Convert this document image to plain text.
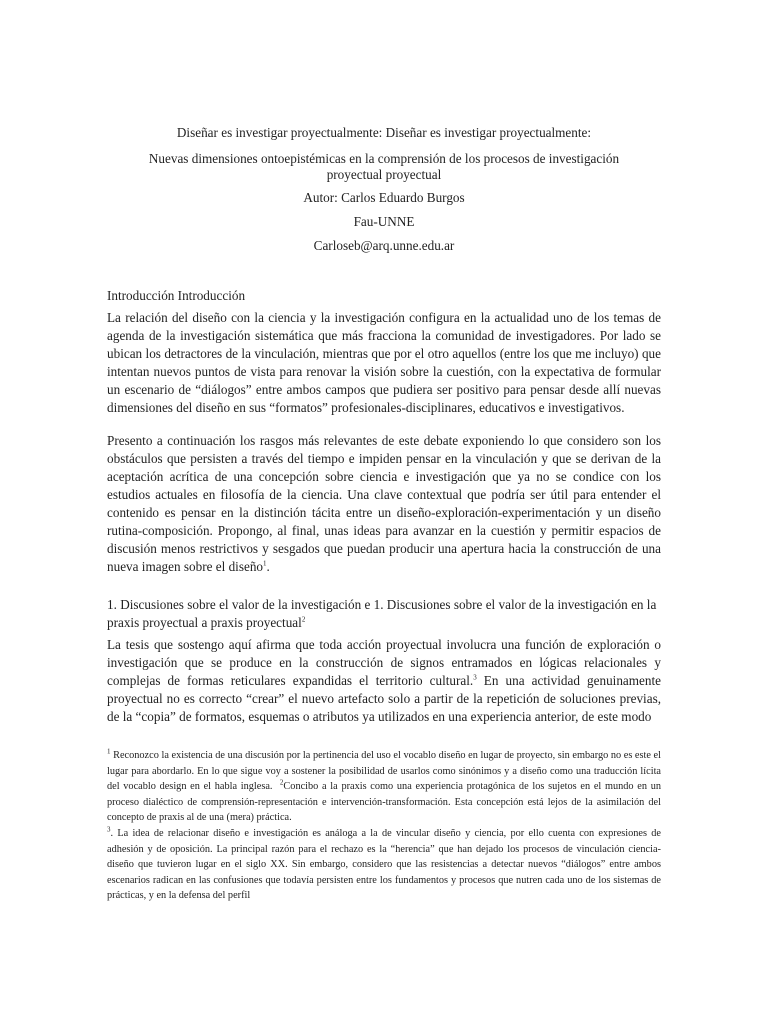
Diseñar es investigar proyectualmente: Diseñar es investigar proyectualmente:

Nuevas dimensiones ontoepistémicas en la comprensión de los procesos de investigación

proyectual proyectual

Autor: Carlos Eduardo Burgos

Fau-UNNE

Carloseb@arq.unne.edu.ar

Introducción Introducción

La relación del diseño con la ciencia y la investigación configura en la actualidad uno de los temas de agenda de la investigación sistemática que más fracciona la comunidad de investigadores. Por lado se ubican los detractores de la vinculación, mientras que por el otro aquellos (entre los que me incluyo) que intentan nuevos puntos de vista para renovar la visión sobre la cuestión, con la expectativa de formular un escenario de “diálogos” entre ambos campos que pudiera ser positivo para pensar desde allí nuevas dimensiones del diseño en sus “formatos” profesionales-disciplinares, educativos e investigativos.

Presento a continuación los rasgos más relevantes de este debate exponiendo lo que considero son los obstáculos que persisten a través del tiempo e impiden pensar en la vinculación y que se derivan de la aceptación acrítica de una concepción sobre ciencia e investigación que ya no se condice con los estudios actuales en filosofía de la ciencia. Una clave contextual que podría ser útil para entender el contenido es pensar en la distinción tácita entre un diseño-exploración-experimentación y un diseño rutina-composición. Propongo, al final, unas ideas para avanzar en la cuestión y permitir espacios de discusión menos restrictivos y sesgados que puedan producir una apertura hacia la construcción de una nueva imagen sobre el diseño$^1$.

1. Discusiones sobre el valor de la investigación e 1. Discusiones sobre el valor de la investigación en la praxis proyectual a praxis proyectual$^2$

La tesis que sostengo aquí afirma que toda acción proyectual involucra una función de exploración o investigación que se produce en la construcción de signos entramados en lógicas relacionales y complejas de formas reticulares expandidas el territorio cultural.$^3$ En una actividad genuinamente proyectual no es correcto “crear” el nuevo artefacto solo a partir de la repetición de soluciones previas, de la “copia” de formatos, esquemas o atributos ya utilizados en una experiencia anterior, de este modo

$^1$ Reconozco la existencia de una discusión por la pertinencia del uso el vocablo diseño en lugar de proyecto, sin embargo no es este el lugar para abordarlo. En lo que sigue voy a sostener la posibilidad de usarlos como sinónimos y a diseño como una traducción lícita del vocablo design en el habla inglesa. $^2$Concibo a la praxis como una experiencia protagónica de los sujetos en el mundo en un proceso dialéctico de comprensión-representación e intervención-transformación. Esta concepción está lejos de la asimilación del concepto de praxis al de una (mera) práctica.

$^3$. La idea de relacionar diseño e investigación es análoga a la de vincular diseño y ciencia, por ello cuenta con expresiones de adhesión y de oposición. La principal razón para el rechazo es la “herencia” que han dejado los procesos de vinculación ciencia-diseño que tuvieron lugar en el siglo XX. Sin embargo, considero que las resistencias a detectar nuevos “diálogos” entre ambos escenarios radican en las confusiones que todavía persisten entre los fundamentos y procesos que nutren cada uno de los sistemas de prácticas, y en la defensa del perfil
